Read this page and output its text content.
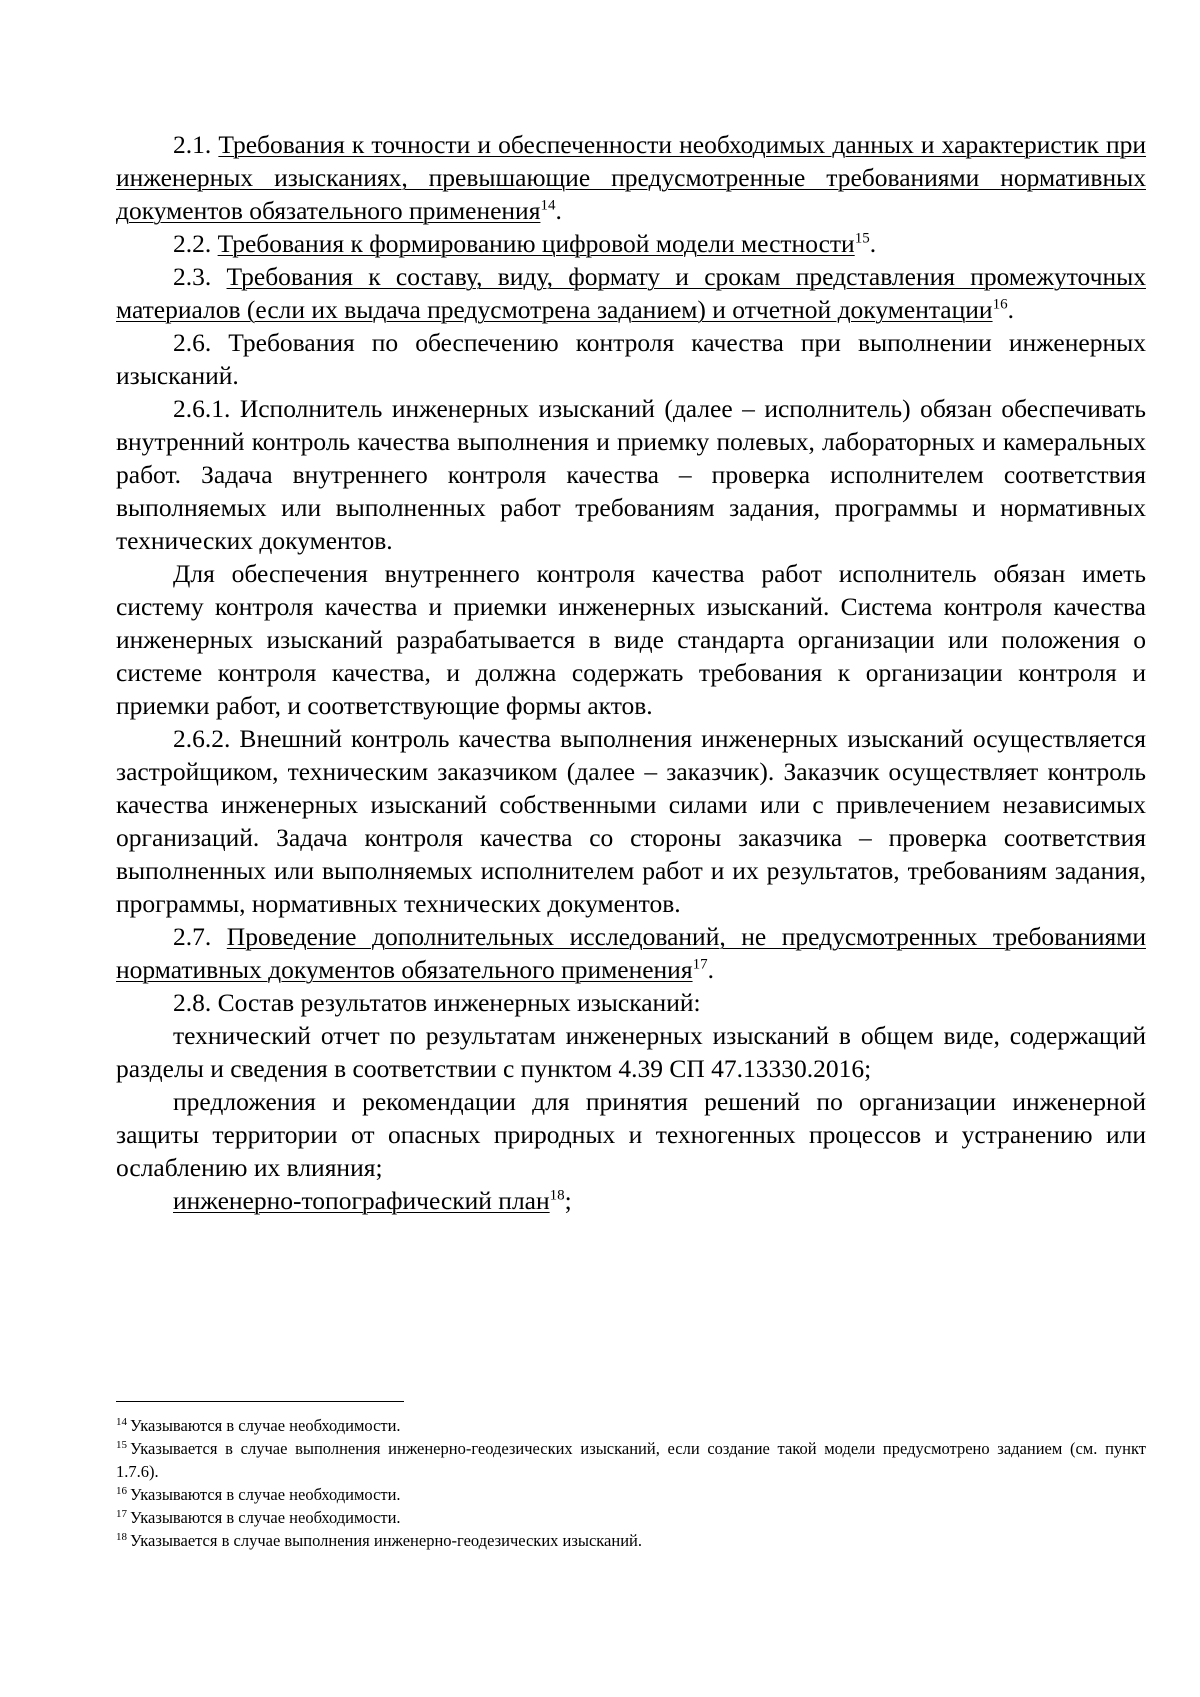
2.1. Требования к точности и обеспеченности необходимых данных и характеристик при инженерных изысканиях, превышающие предусмотренные требованиями нормативных документов обязательного применения$^{14}$.

2.2. Требования к формированию цифровой модели местности$^{15}$.

2.3. Требования к составу, виду, формату и срокам представления промежуточных материалов (если их выдача предусмотрена заданием) и отчетной документации$^{16}$.

2.6. Требования по обеспечению контроля качества при выполнении инженерных изысканий.

2.6.1. Исполнитель инженерных изысканий (далее – исполнитель) обязан обеспечивать внутренний контроль качества выполнения и приемку полевых, лабораторных и камеральных работ. Задача внутреннего контроля качества – проверка исполнителем соответствия выполняемых или выполненных работ требованиям задания, программы и нормативных технических документов.

Для обеспечения внутреннего контроля качества работ исполнитель обязан иметь систему контроля качества и приемки инженерных изысканий. Система контроля качества инженерных изысканий разрабатывается в виде стандарта организации или положения о системе контроля качества, и должна содержать требования к организации контроля и приемки работ, и соответствующие формы актов.

2.6.2. Внешний контроль качества выполнения инженерных изысканий осуществляется застройщиком, техническим заказчиком (далее – заказчик). Заказчик осуществляет контроль качества инженерных изысканий собственными силами или с привлечением независимых организаций. Задача контроля качества со стороны заказчика – проверка соответствия выполненных или выполняемых исполнителем работ и их результатов, требованиям задания, программы, нормативных технических документов.

2.7. Проведение дополнительных исследований, не предусмотренных требованиями нормативных документов обязательного применения$^{17}$.

2.8. Состав результатов инженерных изысканий:

технический отчет по результатам инженерных изысканий в общем виде, содержащий разделы и сведения в соответствии с пунктом 4.39 СП 47.13330.2016;

предложения и рекомендации для принятия решений по организации инженерной защиты территории от опасных природных и техногенных процессов и устранению или ослаблению их влияния;

инженерно-топографический план$^{18}$;

$^{14}$ Указываются в случае необходимости.

$^{15}$ Указывается в случае выполнения инженерно-геодезических изысканий, если создание такой модели предусмотрено заданием (см. пункт 1.7.6).

$^{16}$ Указываются в случае необходимости.

$^{17}$ Указываются в случае необходимости.

$^{18}$ Указывается в случае выполнения инженерно-геодезических изысканий.
